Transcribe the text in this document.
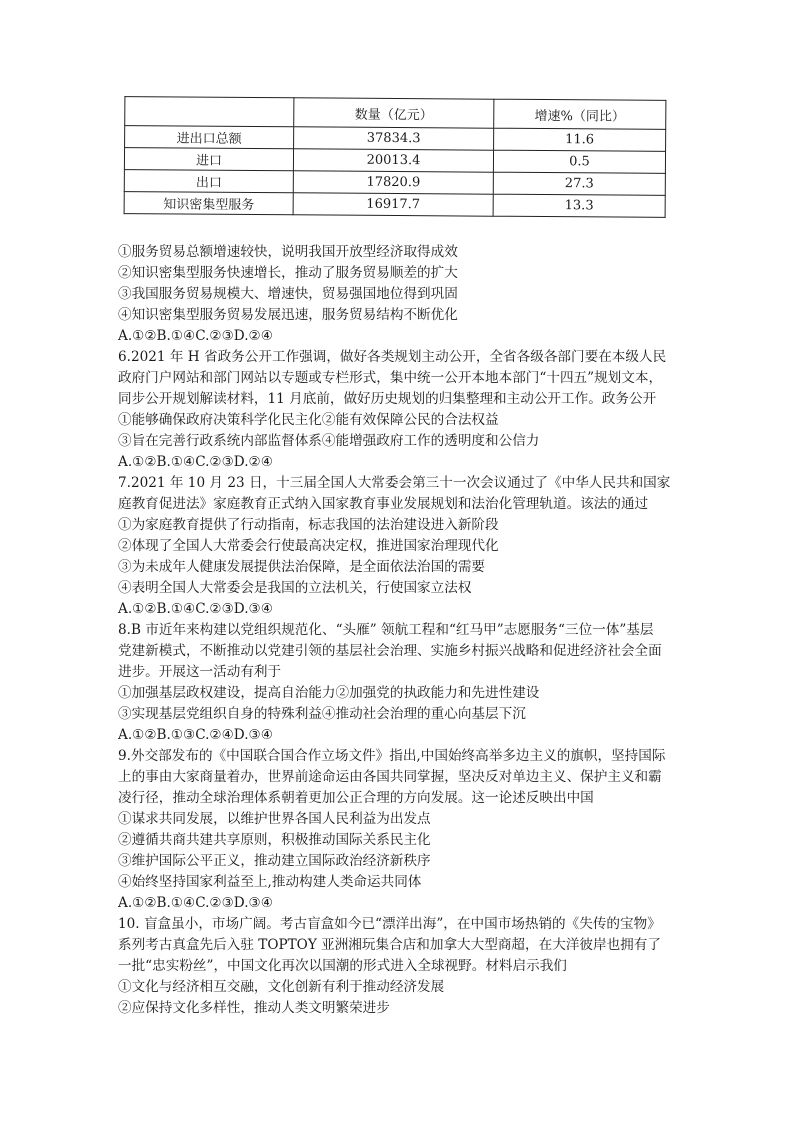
	数量（亿元）	增速%（同比）
进出口总额	37834.3	11.6
进口	20013.4	0.5
出口	17820.9	27.3
知识密集型服务	16917.7	13.3
①服务贸易总额增速较快，说明我国开放型经济取得成效
②知识密集型服务快速增长，推动了服务贸易顺差的扩大
③我国服务贸易规模大、增速快，贸易强国地位得到巩固
④知识密集型服务贸易发展迅速，服务贸易结构不断优化
A.①②B.①④C.②③D.②④
6.2021 年 H 省政务公开工作强调，做好各类规划主动公开，全省各级各部门要在本级人民
政府门户网站和部门网站以专题或专栏形式，集中统一公开本地本部门“十四五”规划文本，
同步公开规划解读材料，11 月底前，做好历史规划的归集整理和主动公开工作。政务公开
①能够确保政府决策科学化民主化②能有效保障公民的合法权益
③旨在完善行政系统内部监督体系④能增强政府工作的透明度和公信力
A.①②B.①④C.②③D.②④
7.2021 年 10 月 23 日，十三届全国人大常委会第三十一次会议通过了《中华人民共和国家
庭教育促进法》家庭教育正式纳入国家教育事业发展规划和法治化管理轨道。该法的通过
①为家庭教育提供了行动指南，标志我国的法治建设进入新阶段
②体现了全国人大常委会行使最高决定权，推进国家治理现代化
③为未成年人健康发展提供法治保障，是全面依法治国的需要
④表明全国人大常委会是我国的立法机关，行使国家立法权
A.①②B.①④C.②③D.③④
8.B 市近年来构建以党组织规范化、“头雁” 领航工程和“红马甲”志愿服务“三位一体”基层
党建新模式，不断推动以党建引领的基层社会治理、实施乡村振兴战略和促进经济社会全面
进步。开展这一活动有利于
①加强基层政权建设，提高自治能力②加强党的执政能力和先进性建设
③实现基层党组织自身的特殊利益④推动社会治理的重心向基层下沉
A.①②B.①③C.②④D.③④
9.外交部发布的《中国联合国合作立场文件》指出,中国始终高举多边主义的旗帜，坚持国际
上的事由大家商量着办，世界前途命运由各国共同掌握，坚决反对单边主义、保护主义和霸
凌行径，推动全球治理体系朝着更加公正合理的方向发展。这一论述反映出中国
①谋求共同发展，以维护世界各国人民利益为出发点
②遵循共商共建共享原则，积极推动国际关系民主化
③维护国际公平正义，推动建立国际政治经济新秩序
④始终坚持国家利益至上,推动构建人类命运共同体
A.①②B.①④C.②③D.③④
10. 盲盒虽小，市场广阔。考古盲盒如今已“漂洋出海”，在中国市场热销的《失传的宝物》
系列考古真盒先后入驻 TOPTOY 亚洲湘玩集合店和加拿大大型商超，在大洋彼岸也拥有了
一批“忠实粉丝”，中国文化再次以国潮的形式进入全球视野。材料启示我们
①文化与经济相互交融，文化创新有利于推动经济发展
②应保持文化多样性，推动人类文明繁荣进步
